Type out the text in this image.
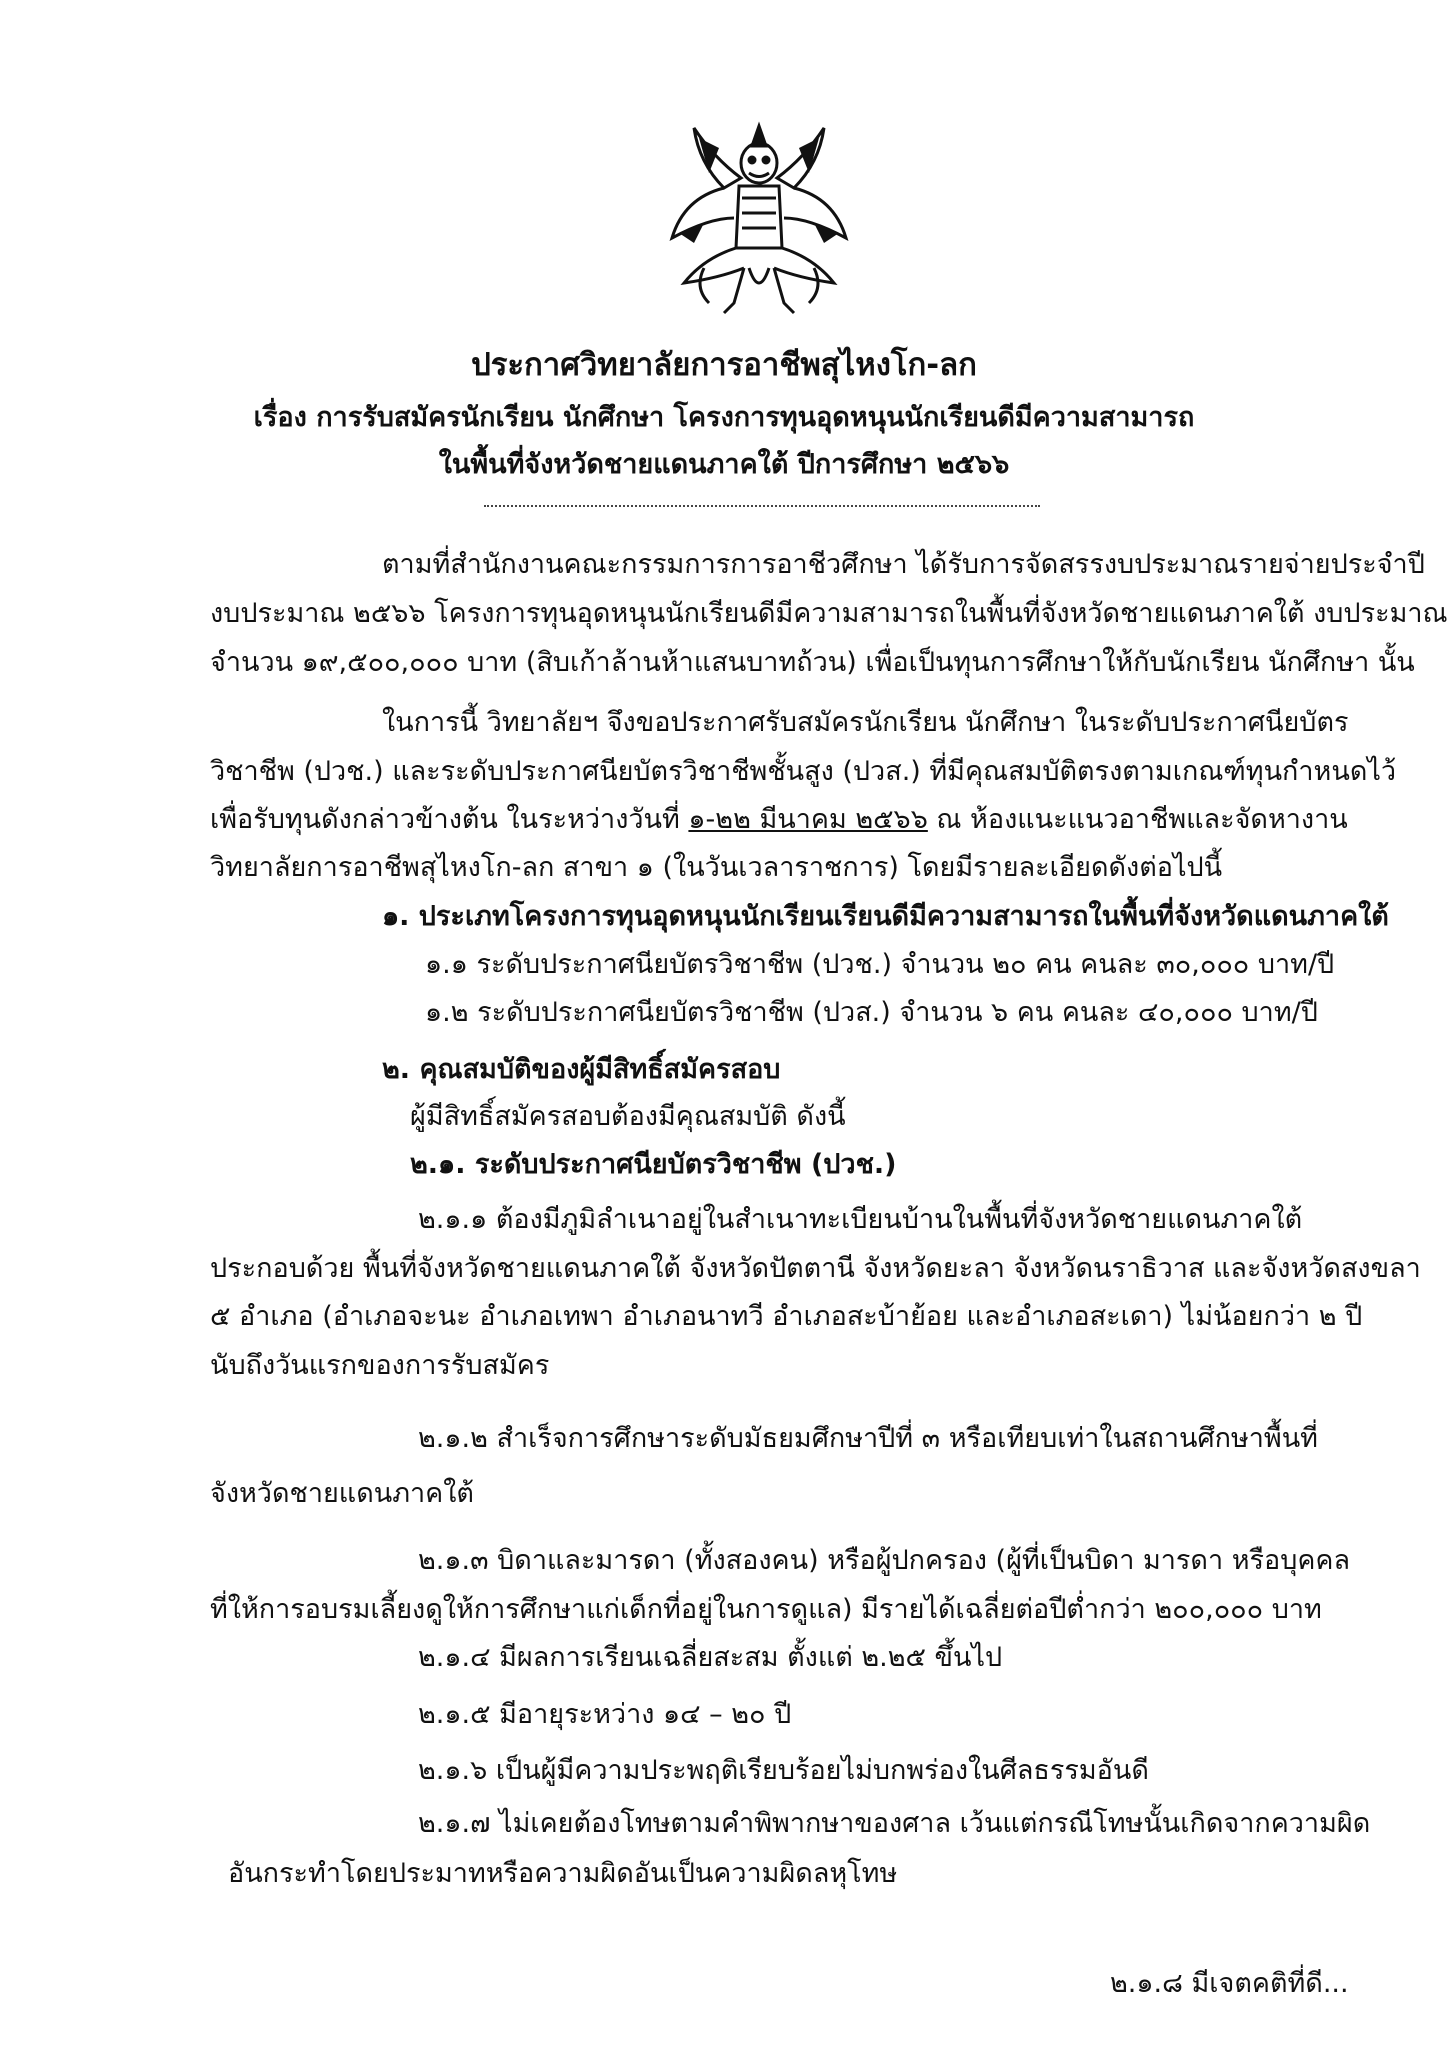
ประกาศวิทยาลัยการอาชีพสุไหงโก-ลก
เรื่อง การรับสมัครนักเรียน นักศึกษา โครงการทุนอุดหนุนนักเรียนดีมีความสามารถ
ในพื้นที่จังหวัดชายแดนภาคใต้ ปีการศึกษา ๒๕๖๖
ตามที่สำนักงานคณะกรรมการการอาชีวศึกษา ได้รับการจัดสรรงบประมาณรายจ่ายประจำปี
งบประมาณ ๒๕๖๖ โครงการทุนอุดหนุนนักเรียนดีมีความสามารถในพื้นที่จังหวัดชายแดนภาคใต้ งบประมาณ
จำนวน ๑๙,๕๐๐,๐๐๐ บาท (สิบเก้าล้านห้าแสนบาทถ้วน) เพื่อเป็นทุนการศึกษาให้กับนักเรียน นักศึกษา นั้น
ในการนี้ วิทยาลัยฯ จึงขอประกาศรับสมัครนักเรียน นักศึกษา ในระดับประกาศนียบัตร
วิชาชีพ (ปวช.) และระดับประกาศนียบัตรวิชาชีพชั้นสูง (ปวส.) ที่มีคุณสมบัติตรงตามเกณฑ์ทุนกำหนดไว้
เพื่อรับทุนดังกล่าวข้างต้น ในระหว่างวันที่ ๑-๒๒ มีนาคม ๒๕๖๖ ณ ห้องแนะแนวอาชีพและจัดหางาน
วิทยาลัยการอาชีพสุไหงโก-ลก สาขา ๑ (ในวันเวลาราชการ) โดยมีรายละเอียดดังต่อไปนี้
๑. ประเภทโครงการทุนอุดหนุนนักเรียนเรียนดีมีความสามารถในพื้นที่จังหวัดแดนภาคใต้
๑.๑ ระดับประกาศนียบัตรวิชาชีพ (ปวช.) จำนวน ๒๐ คน คนละ ๓๐,๐๐๐ บาท/ปี
๑.๒ ระดับประกาศนียบัตรวิชาชีพ (ปวส.) จำนวน ๖ คน คนละ ๔๐,๐๐๐ บาท/ปี
๒. คุณสมบัติของผู้มีสิทธิ์สมัครสอบ
ผู้มีสิทธิ์สมัครสอบต้องมีคุณสมบัติ ดังนี้
๒.๑. ระดับประกาศนียบัตรวิชาชีพ (ปวช.)
๒.๑.๑ ต้องมีภูมิลำเนาอยู่ในสำเนาทะเบียนบ้านในพื้นที่จังหวัดชายแดนภาคใต้
ประกอบด้วย พื้นที่จังหวัดชายแดนภาคใต้ จังหวัดปัตตานี จังหวัดยะลา จังหวัดนราธิวาส และจังหวัดสงขลา
๕ อำเภอ (อำเภอจะนะ อำเภอเทพา อำเภอนาทวี อำเภอสะบ้าย้อย และอำเภอสะเดา) ไม่น้อยกว่า ๒ ปี
นับถึงวันแรกของการรับสมัคร
๒.๑.๒ สำเร็จการศึกษาระดับมัธยมศึกษาปีที่ ๓ หรือเทียบเท่าในสถานศึกษาพื้นที่
จังหวัดชายแดนภาคใต้
๒.๑.๓ บิดาและมารดา (ทั้งสองคน) หรือผู้ปกครอง (ผู้ที่เป็นบิดา มารดา หรือบุคคล
ที่ให้การอบรมเลี้ยงดูให้การศึกษาแก่เด็กที่อยู่ในการดูแล) มีรายได้เฉลี่ยต่อปีต่ำกว่า ๒๐๐,๐๐๐ บาท
๒.๑.๔ มีผลการเรียนเฉลี่ยสะสม ตั้งแต่ ๒.๒๕ ขึ้นไป
๒.๑.๕ มีอายุระหว่าง ๑๔ – ๒๐ ปี
๒.๑.๖ เป็นผู้มีความประพฤติเรียบร้อยไม่บกพร่องในศีลธรรมอันดี
๒.๑.๗ ไม่เคยต้องโทษตามคำพิพากษาของศาล เว้นแต่กรณีโทษนั้นเกิดจากความผิด
อันกระทำโดยประมาทหรือความผิดอันเป็นความผิดลหุโทษ
๒.๑.๘ มีเจตคติที่ดี...
